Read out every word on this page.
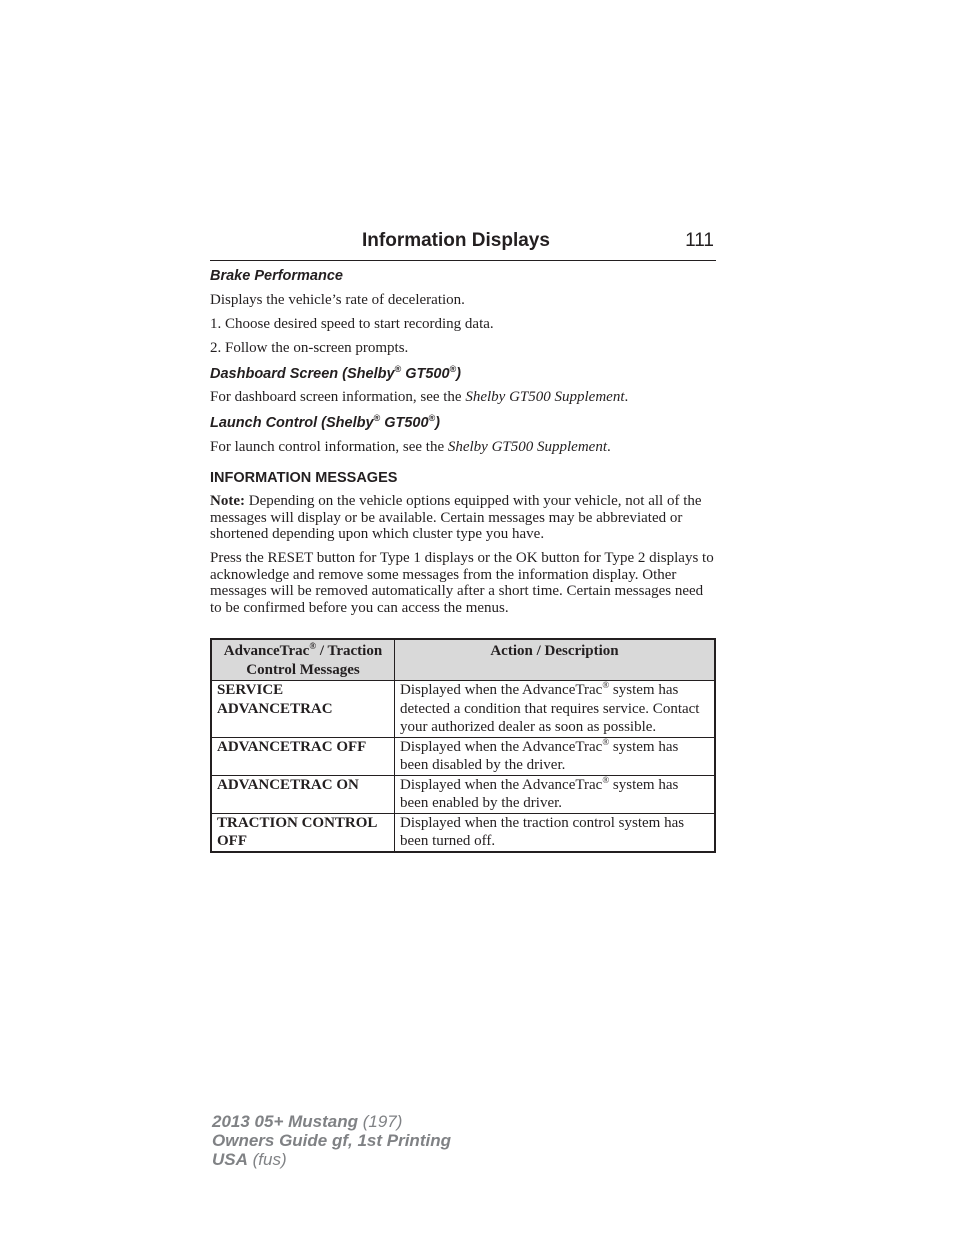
Information Displays	111

Brake Performance

Displays the vehicle’s rate of deceleration.

1. Choose desired speed to start recording data.

2. Follow the on-screen prompts.

Dashboard Screen (Shelby® GT500®)

For dashboard screen information, see the Shelby GT500 Supplement.

Launch Control (Shelby® GT500®)

For launch control information, see the Shelby GT500 Supplement.

INFORMATION MESSAGES

Note: Depending on the vehicle options equipped with your vehicle, not all of the messages will display or be available. Certain messages may be abbreviated or shortened depending upon which cluster type you have.

Press the RESET button for Type 1 displays or the OK button for Type 2 displays to acknowledge and remove some messages from the information display. Other messages will be removed automatically after a short time. Certain messages need to be confirmed before you can access the menus.

AdvanceTrac® / Traction Control Messages	Action / Description
SERVICE ADVANCETRAC	Displayed when the AdvanceTrac® system has detected a condition that requires service. Contact your authorized dealer as soon as possible.
ADVANCETRAC OFF	Displayed when the AdvanceTrac® system has been disabled by the driver.
ADVANCETRAC ON	Displayed when the AdvanceTrac® system has been enabled by the driver.
TRACTION CONTROL OFF	Displayed when the traction control system has been turned off.
2013 05+ Mustang (197)
Owners Guide gf, 1st Printing
USA (fus)
